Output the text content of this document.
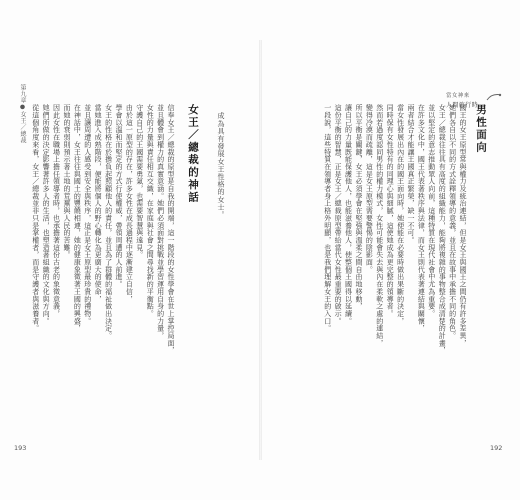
第九章●女王／總裁	女王／總裁的神話	成為具有發展女王性格的女士。
信奉女王／總裁的原型是自我的開端，這一階段的女性學會在世上掌控局面，
並且體會到權力的真實意涵。她們必須面對挑戰並學習運用自身的力量，
女性的力量與責任相互交織，在家庭與社會之間尋找新的平衡點。
守護自己的王國需要勇氣，也需要智慧與遠見。
由於這一原型的存在，許多女性在成長過程中逐漸建立自信，
學會以溫和而堅定的方式行使權威，帶領周遭的人前進。
女王的性格在於擔負起照顧他人的責任，並且為了群體的福祉做出決定。
當她進入成熟階段，便能將個人的野心轉化為更廣大的使命，
並且讓周遭的人感受到安全與秩序，這正是女王原型最珍貴的禮物。
在神話中，女王往往與國土的豐饒相連，她的健康象徵著王國的興盛，
而她的衰弱則預示著土地的荒蕪與人民的苦難。
因此女性在職場上擔任領導者時，也承擔著這份古老的象徵意義，
她們所做的決定影響著許多人的生活，也塑造著組織的文化與方向。
從這個角度來看，女王／總裁並非只是掌權者，而是守護者與滋養者。
193
男性面向
國王的女王原型常與權力及統治連結，但是女王與國王之間仍有許多差異，
她們各自以不同的方式詮釋領導的意義，並且在故事中承擔不同的角色。
女王／總裁往往具有高度的組織能力，能夠將複雜的事物整合成清楚的計畫，
並以堅定的意志推動眾人向前，這種特質在現代社會中尤為重要。
在許多文化中，國王代表著秩序與法律，而女王則代表著連結與關懷，
兩者結合才能讓王國真正繁榮，缺一不可。
當女性發展出內在的國王面向時，她便能在必要時做出果斷的決定，
同時保有女性特有的同理心與細膩，這使她成為更完整的領導者。
然而若過度認同男性的權力模式，女性可能會失去與內在柔軟之處的連結，
變得冷漠而疏離，這是女王原型需要警惕的陰影面。
所以平衡是關鍵，女王必須學會在堅強與溫柔之間自由地移動，
讓自己的力量既能保護他人，也能滋養他人，使整個王國得以延續。
這份平衡的智慧，正是女王／總裁原型帶給當代女性最重要的啟示。
一段說，這些特質在領導者身上格外明顯，也是我們理解女王的入口。
192
當女神來
人間旅行時
